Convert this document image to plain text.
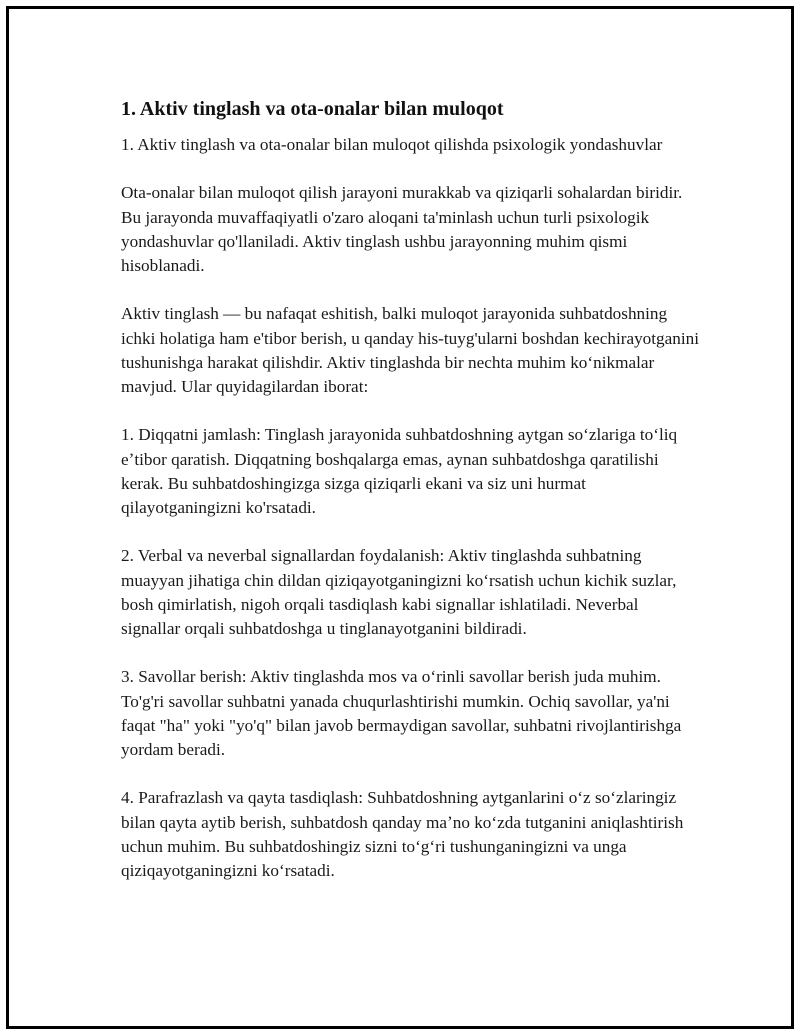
1. Aktiv tinglash va ota-onalar bilan muloqot

1. Aktiv tinglash va ota-onalar bilan muloqot qilishda psixologik yondashuvlar

Ota-onalar bilan muloqot qilish jarayoni murakkab va qiziqarli sohalardan biridir. Bu jarayonda muvaffaqiyatli o'zaro aloqani ta'minlash uchun turli psixologik yondashuvlar qo'llaniladi. Aktiv tinglash ushbu jarayonning muhim qismi hisoblanadi.

Aktiv tinglash — bu nafaqat eshitish, balki muloqot jarayonida suhbatdoshning ichki holatiga ham e'tibor berish, u qanday his-tuyg'ularni boshdan kechirayotganini tushunishga harakat qilishdir. Aktiv tinglashda bir nechta muhim koʻnikmalar mavjud. Ular quyidagilardan iborat:

1. Diqqatni jamlash: Tinglash jarayonida suhbatdoshning aytgan soʻzlariga toʻliq eʼtibor qaratish. Diqqatning boshqalarga emas, aynan suhbatdoshga qaratilishi kerak. Bu suhbatdoshingizga sizga qiziqarli ekani va siz uni hurmat qilayotganingizni ko'rsatadi.

2. Verbal va neverbal signallardan foydalanish: Aktiv tinglashda suhbatning muayyan jihatiga chin dildan qiziqayotganingizni koʻrsatish uchun kichik suzlar, bosh qimirlatish, nigoh orqali tasdiqlash kabi signallar ishlatiladi. Neverbal signallar orqali suhbatdoshga u tinglanayotganini bildiradi.

3. Savollar berish: Aktiv tinglashda mos va oʻrinli savollar berish juda muhim. To'g'ri savollar suhbatni yanada chuqurlashtirishi mumkin. Ochiq savollar, ya'ni faqat "ha" yoki "yo'q" bilan javob bermaydigan savollar, suhbatni rivojlantirishga yordam beradi.

4. Parafrazlash va qayta tasdiqlash: Suhbatdoshning aytganlarini oʻz soʻzlaringiz bilan qayta aytib berish, suhbatdosh qanday maʼno koʻzda tutganini aniqlashtirish uchun muhim. Bu suhbatdoshingiz sizni toʻgʻri tushunganingizni va unga qiziqayotganingizni koʻrsatadi.
